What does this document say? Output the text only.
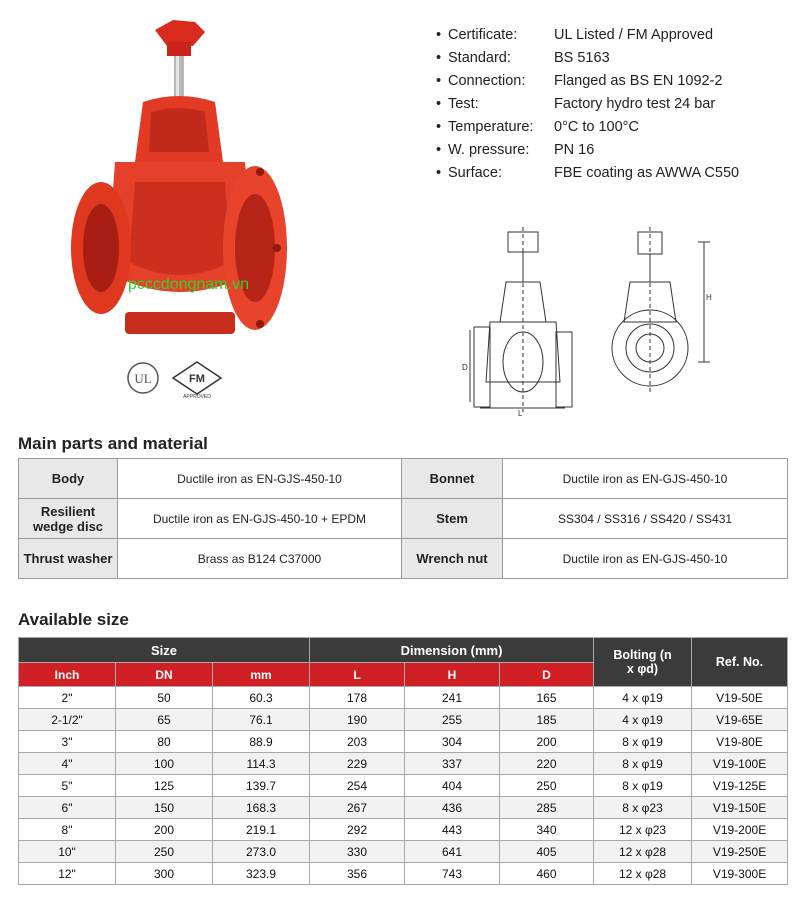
UL	FM
APPROVED
pcccdongnam.vn
• Certificate:	UL Listed / FM Approved
• Standard:	BS 5163
• Connection:	Flanged as BS EN 1092-2
• Test:	Factory hydro test 24 bar
• Temperature:	0°C to 100°C
• W. pressure:	PN 16
• Surface:	FBE coating as AWWA C550
D
L
H
Main parts and material
Body	Ductile iron as EN-GJS-450-10	Bonnet	Ductile iron as EN-GJS-450-10
Resilient wedge disc	Ductile iron as EN-GJS-450-10 + EPDM	Stem	SS304 / SS316 / SS420 / SS431
Thrust washer	Brass as B124 C37000	Wrench nut	Ductile iron as EN-GJS-450-10
Available size
Size			Dimension (mm)			Bolting (n x φd)	Ref. No.
Inch	DN	mm	L	H	D		
2"	50	60.3	178	241	165	4 x φ19	V19-50E
2-1/2"	65	76.1	190	255	185	4 x φ19	V19-65E
3"	80	88.9	203	304	200	8 x φ19	V19-80E
4"	100	114.3	229	337	220	8 x φ19	V19-100E
5"	125	139.7	254	404	250	8 x φ19	V19-125E
6"	150	168.3	267	436	285	8 x φ23	V19-150E
8"	200	219.1	292	443	340	12 x φ23	V19-200E
10"	250	273.0	330	641	405	12 x φ28	V19-250E
12"	300	323.9	356	743	460	12 x φ28	V19-300E
